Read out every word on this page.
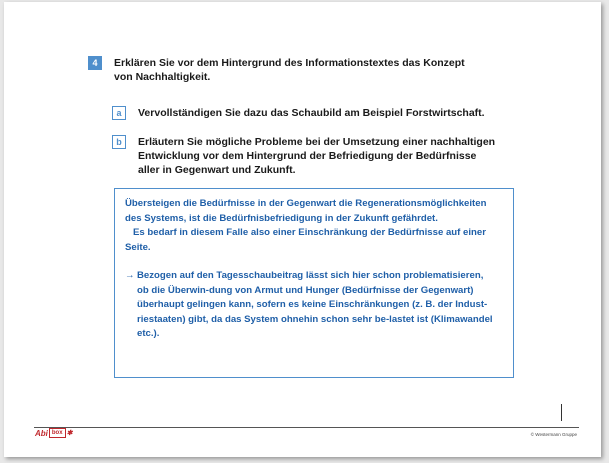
4	Erklären Sie vor dem Hintergrund des Informationstextes das Konzept
von Nachhaltigkeit.
a	Vervollständigen Sie dazu das Schaubild am Beispiel Forstwirtschaft.
b	Erläutern Sie mögliche Probleme bei der Umsetzung einer nachhaltigen
Entwicklung vor dem Hintergrund der Befriedigung der Bedürfnisse
aller in Gegenwart und Zukunft.

Übersteigen die Bedürfnisse in der Gegenwart die Regenerationsmöglichkeiten

des Systems, ist die Bedürfnisbefriedigung in der Zukunft gefährdet.

Es bedarf in diesem Falle also einer Einschränkung der Bedürfnisse auf einer

Seite.

→ Bezogen auf den Tagesschaubeitrag lässt sich hier schon problematisieren,

ob die Überwin-dung von Armut und Hunger (Bedürfnisse der Gegenwart)

überhaupt gelingen kann, sofern es keine Einschränkungen (z. B. der Indust-

riestaaten) gibt, da das System ohnehin schon sehr be-lastet ist (Klimawandel

etc.).

Abi box ✱	© Westermann Gruppe
